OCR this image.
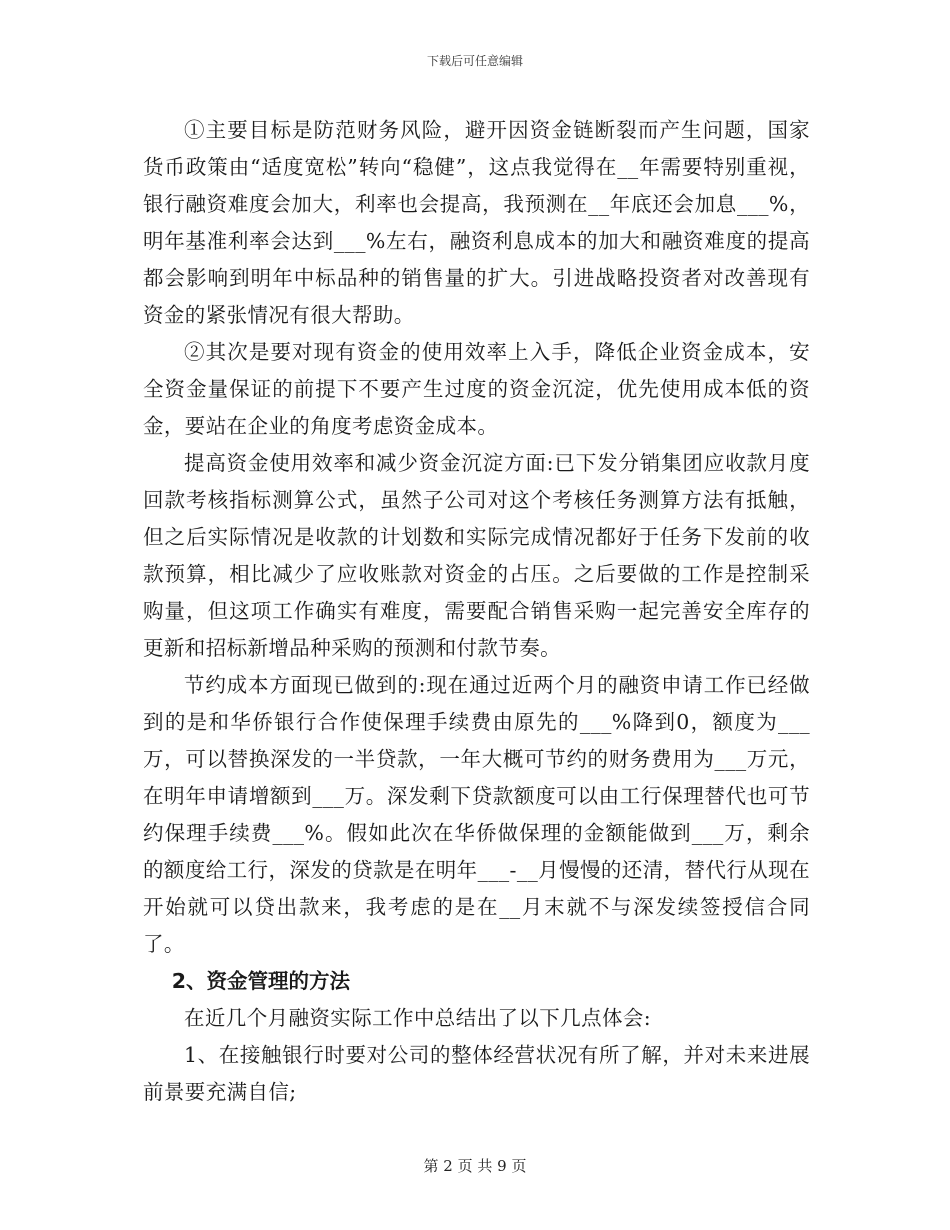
下载后可任意编辑

①主要目标是防范财务风险，避开因资金链断裂而产生问题，国家货币政策由“适度宽松”转向“稳健”，这点我觉得在__年需要特别重视，银行融资难度会加大，利率也会提高，我预测在__年底还会加息___%，明年基准利率会达到___%左右，融资利息成本的加大和融资难度的提高都会影响到明年中标品种的销售量的扩大。引进战略投资者对改善现有资金的紧张情况有很大帮助。

②其次是要对现有资金的使用效率上入手，降低企业资金成本，安全资金量保证的前提下不要产生过度的资金沉淀，优先使用成本低的资金，要站在企业的角度考虑资金成本。

提高资金使用效率和减少资金沉淀方面:已下发分销集团应收款月度回款考核指标测算公式，虽然子公司对这个考核任务测算方法有抵触，但之后实际情况是收款的计划数和实际完成情况都好于任务下发前的收款预算，相比减少了应收账款对资金的占压。之后要做的工作是控制采购量，但这项工作确实有难度，需要配合销售采购一起完善安全库存的更新和招标新增品种采购的预测和付款节奏。

节约成本方面现已做到的:现在通过近两个月的融资申请工作已经做到的是和华侨银行合作使保理手续费由原先的___%降到0，额度为___万，可以替换深发的一半贷款，一年大概可节约的财务费用为___万元，在明年申请增额到___万。深发剩下贷款额度可以由工行保理替代也可节约保理手续费___%。假如此次在华侨做保理的金额能做到___万，剩余的额度给工行，深发的贷款是在明年___-__月慢慢的还清，替代行从现在开始就可以贷出款来，我考虑的是在__月末就不与深发续签授信合同了。

2、资金管理的方法

在近几个月融资实际工作中总结出了以下几点体会:

1、在接触银行时要对公司的整体经营状况有所了解，并对未来进展前景要充满自信;

第 2 页 共 9 页
